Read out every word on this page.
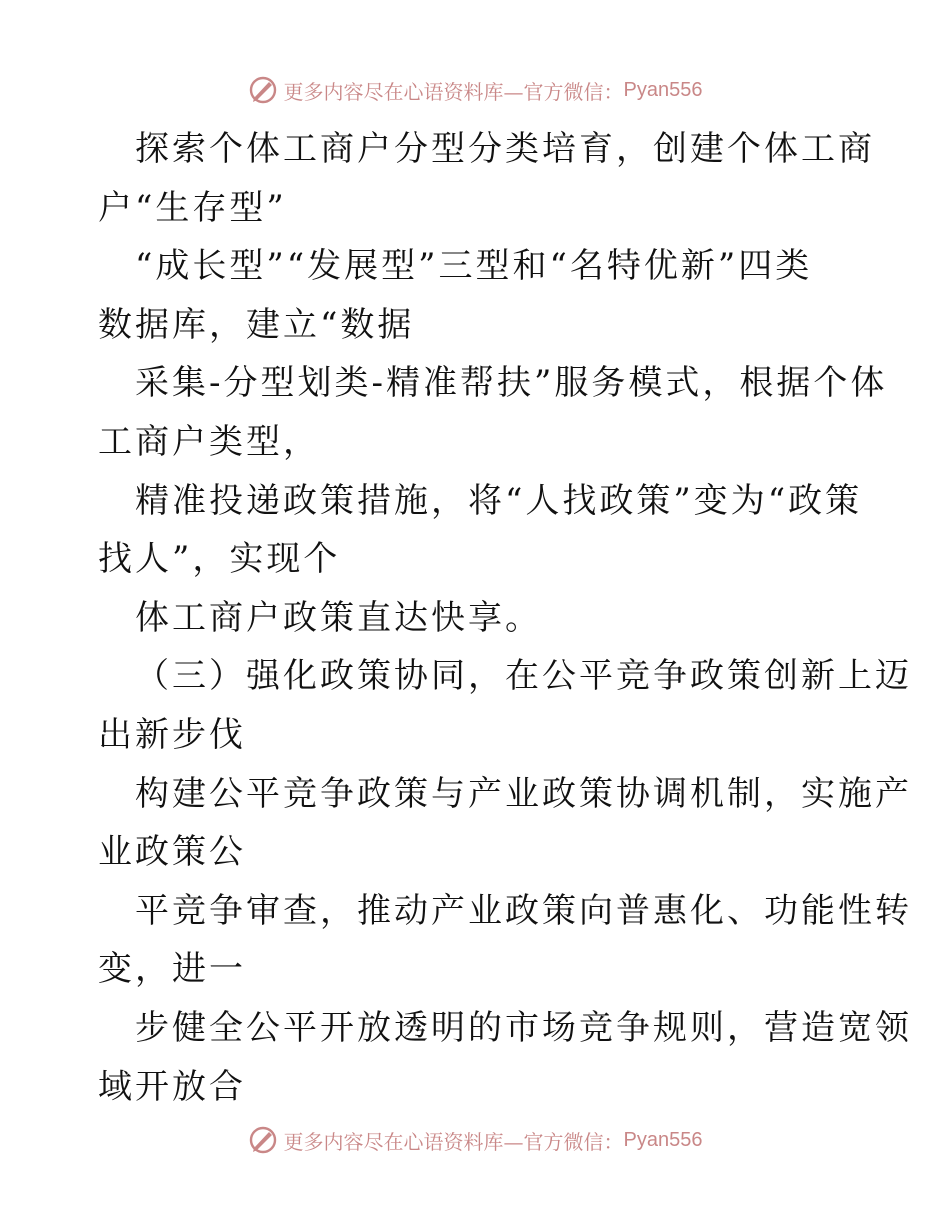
更多内容尽在心语资料库—官方微信： Pyan556
探索个体工商户分型分类培育，创建个体工商
户“生存型”
“成长型”“发展型”三型和“名特优新”四类
数据库，建立“数据
采集-分型划类-精准帮扶”服务模式，根据个体
工商户类型，
精准投递政策措施，将“人找政策”变为“政策
找人”，实现个
体工商户政策直达快享。
（三）强化政策协同，在公平竞争政策创新上迈
出新步伐
构建公平竞争政策与产业政策协调机制，实施产
业政策公
平竞争审查，推动产业政策向普惠化、功能性转
变，进一
步健全公平开放透明的市场竞争规则，营造宽领
域开放合
更多内容尽在心语资料库—官方微信： Pyan556
